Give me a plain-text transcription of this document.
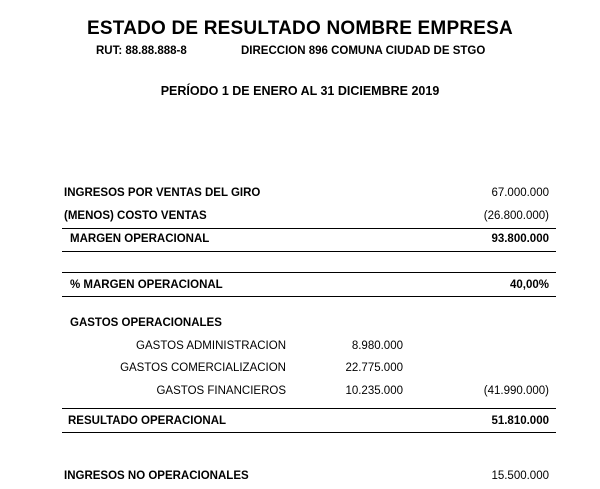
ESTADO DE RESULTADO NOMBRE EMPRESA
RUT: 88.88.888-8	DIRECCION 896 COMUNA CIUDAD DE STGO
PERÍODO 1 DE ENERO AL 31 DICIEMBRE 2019
INGRESOS POR VENTAS DEL GIRO	67.000.000
(MENOS) COSTO VENTAS	(26.800.000)
MARGEN OPERACIONAL	93.800.000
% MARGEN OPERACIONAL	40,00%
GASTOS OPERACIONALES
GASTOS ADMINISTRACION	8.980.000
GASTOS COMERCIALIZACION	22.775.000
GASTOS FINANCIEROS	10.235.000	(41.990.000)
RESULTADO OPERACIONAL	51.810.000
INGRESOS NO OPERACIONALES	15.500.000
